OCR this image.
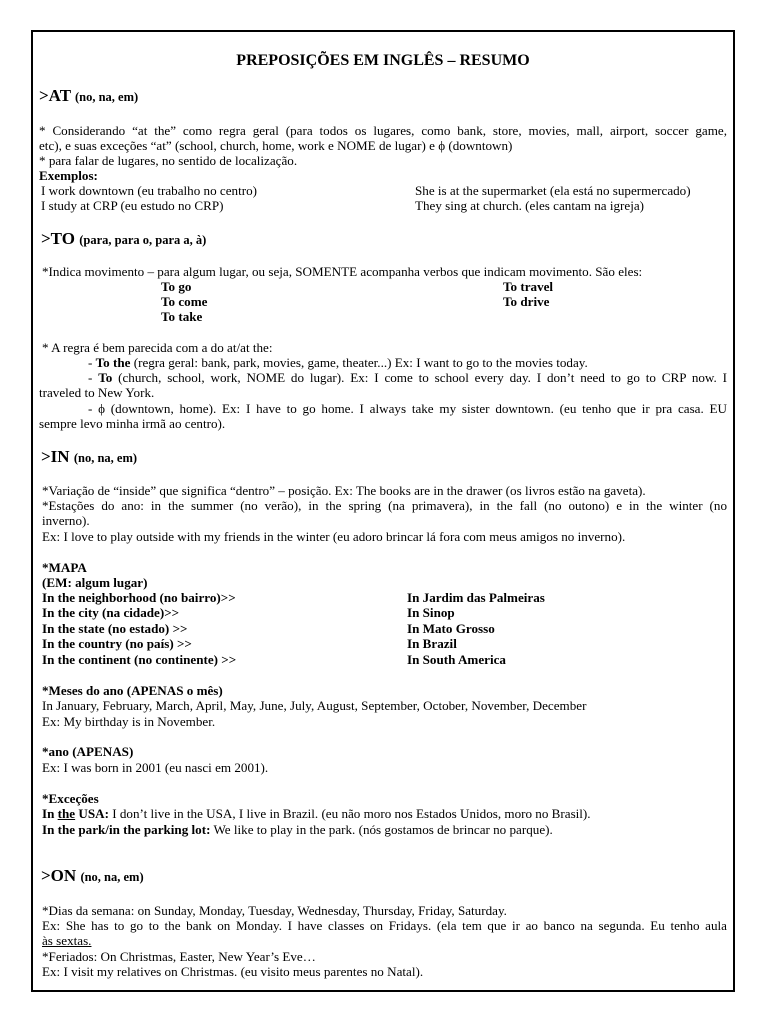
PREPOSIÇÕES EM INGLÊS – RESUMO
>AT (no, na, em)
* Considerando “at the” como regra geral (para todos os lugares, como bank, store, movies, mall, airport, soccer game,
etc), e suas exceções “at” (school, church, home, work e NOME de lugar) e ϕ (downtown)
* para falar de lugares, no sentido de localização.
Exemplos:
I work downtown (eu trabalho no centro)	She is at the supermarket (ela está no supermercado)
I study at CRP (eu estudo no CRP)	They sing at church. (eles cantam na igreja)
>TO (para, para o, para a, à)
*Indica movimento – para algum lugar, ou seja, SOMENTE acompanha verbos que indicam movimento. São eles:
To go	To travel
To come	To drive
To take
* A regra é bem parecida com a do at/at the:
- To the (regra geral: bank, park, movies, game, theater...) Ex: I want to go to the movies today.
- To (church, school, work, NOME do lugar). Ex: I come to school every day. I don’t need to go to CRP now. I
traveled to New York.
- ϕ (downtown, home). Ex: I have to go home. I always take my sister downtown. (eu tenho que ir pra casa. EU
sempre levo minha irmã ao centro).
>IN (no, na, em)
*Variação de “inside” que significa “dentro” – posição. Ex: The books are in the drawer (os livros estão na gaveta).
*Estações do ano: in the summer (no verão), in the spring (na primavera), in the fall (no outono) e in the winter (no
inverno).
Ex: I love to play outside with my friends in the winter (eu adoro brincar lá fora com meus amigos no inverno).
*MAPA
(EM: algum lugar)
In the neighborhood (no bairro)>>	In Jardim das Palmeiras
In the city (na cidade)>>	In Sinop
In the state (no estado) >>	In Mato Grosso
In the country (no país) >>	In Brazil
In the continent (no continente) >>	In South America
*Meses do ano (APENAS o mês)
In January, February, March, April, May, June, July, August, September, October, November, December
Ex: My birthday is in November.
*ano (APENAS)
Ex: I was born in 2001 (eu nasci em 2001).
*Exceções
In the USA: I don’t live in the USA, I live in Brazil. (eu não moro nos Estados Unidos, moro no Brasil).
In the park/in the parking lot: We like to play in the park. (nós gostamos de brincar no parque).
>ON (no, na, em)
*Dias da semana: on Sunday, Monday, Tuesday, Wednesday, Thursday, Friday, Saturday.
Ex: She has to go to the bank on Monday. I have classes on Fridays. (ela tem que ir ao banco na segunda. Eu tenho aula
às sextas.
*Feriados: On Christmas, Easter, New Year’s Eve…
Ex: I visit my relatives on Christmas. (eu visito meus parentes no Natal).
